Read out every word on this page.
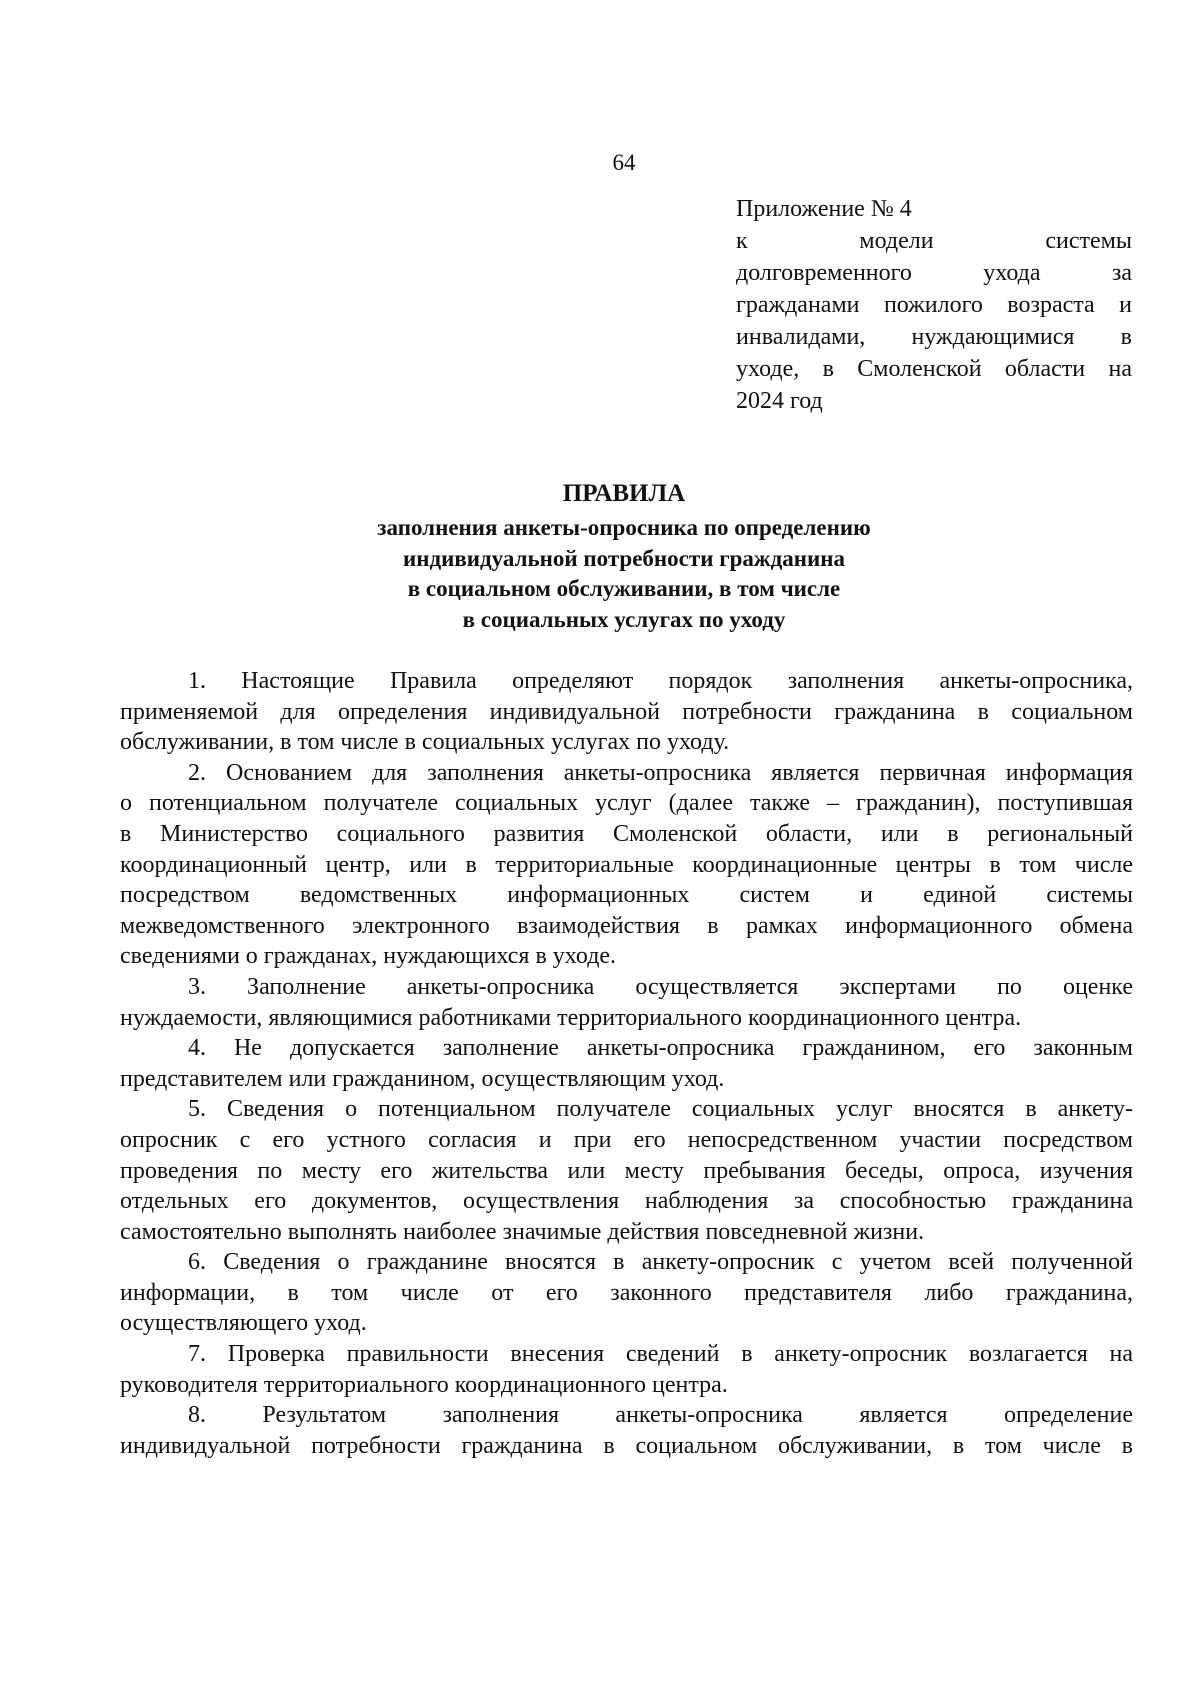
64
Приложение № 4
к модели системы
долговременного ухода за
гражданами пожилого возраста и
инвалидами, нуждающимися в
уходе, в Смоленской области на
2024 год
ПРАВИЛА
заполнения анкеты-опросника по определению
индивидуальной потребности гражданина
в социальном обслуживании, в том числе
в социальных услугах по уходу
1. Настоящие Правила определяют порядок заполнения анкеты-опросника,
применяемой для определения индивидуальной потребности гражданина в социальном
обслуживании, в том числе в социальных услугах по уходу.
2. Основанием для заполнения анкеты-опросника является первичная информация
о потенциальном получателе социальных услуг (далее также – гражданин), поступившая
в Министерство социального развития Смоленской области, или в региональный
координационный центр, или в территориальные координационные центры в том числе
посредством ведомственных информационных систем и единой системы
межведомственного электронного взаимодействия в рамках информационного обмена
сведениями о гражданах, нуждающихся в уходе.
3. Заполнение анкеты-опросника осуществляется экспертами по оценке
нуждаемости, являющимися работниками территориального координационного центра.
4. Не допускается заполнение анкеты-опросника гражданином, его законным
представителем или гражданином, осуществляющим уход.
5. Сведения о потенциальном получателе социальных услуг вносятся в анкету-
опросник с его устного согласия и при его непосредственном участии посредством
проведения по месту его жительства или месту пребывания беседы, опроса, изучения
отдельных его документов, осуществления наблюдения за способностью гражданина
самостоятельно выполнять наиболее значимые действия повседневной жизни.
6. Сведения о гражданине вносятся в анкету-опросник с учетом всей полученной
информации, в том числе от его законного представителя либо гражданина,
осуществляющего уход.
7. Проверка правильности внесения сведений в анкету-опросник возлагается на
руководителя территориального координационного центра.
8. Результатом заполнения анкеты-опросника является определение
индивидуальной потребности гражданина в социальном обслуживании, в том числе в
